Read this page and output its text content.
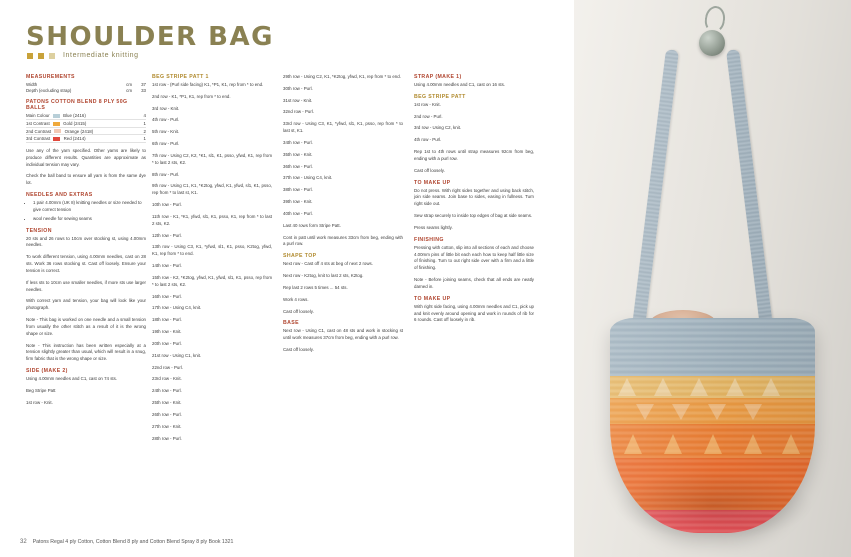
SHOULDER BAG
Intermediate knitting
MEASUREMENTS
Width	cm	37
Depth (excluding strap)	cm	33
PATONS COTTON BLEND 8 PLY 50G BALLS
Main Colour Blue (2416)	4
1st Contrast Gold (2415)	1
2nd Contrast Orange (2418)	2
3rd Contrast Red (2414)	1

Use any of the yarn specified. Other yarns are likely to produce different results. Quantities are approximate as individual tension may vary.

Check the ball band to ensure all yarn is from the same dye lot.

NEEDLES AND EXTRAS
• 1 pair 4.00mm (UK 8) knitting needles or size needed to give correct tension
• wool needle for sewing seams
TENSION

20 sts and 26 rows to 10cm over stocking st, using 4.00mm needles.

To work different tension, using 4.00mm needles, cast on 28 sts. Work 36 rows stocking st. Cast off loosely. Ensure your tension is correct.

If less sts to 10cm use smaller needles, if more sts use larger needles.

With correct yarn and tension, your bag will look like your photograph.

Note - This bag is worked on one needle and a small tension from usually the other stitch as a result of it is the wrong shape or size.

Note - This instruction has been written especially at a tension slightly greater than usual, which will result in a snug, firm fabric that is the wrong shape or size.

SIDE (MAKE 2)

Using 4.00mm needles and C1, cast on 74 sts.

Beg Stripe Patt

1st row - Knit.

BEG STRIPE PATT 1

1st row - (Purl side facing) K1, *P1, K1, rep from * to end.

2nd row - K1, *P1, K1, rep from * to end.

3rd row - Knit.

4th row - Purl.

5th row - Knit.

6th row - Purl.

7th row - Using C2, K2, *K1, sl1, K1, psso, yfwd, K1, rep from * to last 2 sts, K2.

8th row - Purl.

9th row - Using C1, K1, *K2tog, yfwd, K1, yfwd, sl1, K1, psso, rep from * to last st, K1.

10th row - Purl.

11th row - K1, *K1, yfwd, sl1, K1, psso, K1, rep from * to last 2 sts, K2.

12th row - Purl.

13th row - Using C3, K1, *yfwd, sl1, K1, psso, K2tog, yfwd, K1, rep from * to end.

14th row - Purl.

15th row - K2, *K2tog, yfwd, K1, yfwd, sl1, K1, psso, rep from * to last 2 sts, K2.

16th row - Purl.

17th row - Using C4, knit.

18th row - Purl.

19th row - Knit.

20th row - Purl.

21st row - Using C1, knit.

22nd row - Purl.

23rd row - Knit.

24th row - Purl.

25th row - Knit.

26th row - Purl.

27th row - Knit.

28th row - Purl.

29th row - Using C2, K1, *K2tog, yfwd, K1, rep from * to end.

30th row - Purl.

31st row - Knit.

32nd row - Purl.

33rd row - Using C3, K1, *yfwd, sl1, K1, psso, rep from * to last st, K1.

34th row - Purl.

35th row - Knit.

36th row - Purl.

37th row - Using C4, knit.

38th row - Purl.

39th row - Knit.

40th row - Purl.

Last 40 rows form Stripe Patt.

Cont in patt until work measures 33cm from beg, ending with a purl row.

SHAPE TOP

Next row - Cast off 4 sts at beg of next 2 rows.

Next row - K2tog, knit to last 2 sts, K2tog.

Rep last 2 rows 5 times ... 54 sts.

Work 4 rows.

Cast off loosely.

BASE

Next row - Using C1, cast on 48 sts and work in stocking st until work measures 37cm from beg, ending with a purl row.

Cast off loosely.

STRAP (MAKE 1)

Using 4.00mm needles and C1, cast on 16 sts.

BEG STRIPE PATT

1st row - Knit.

2nd row - Purl.

3rd row - Using C2, knit.

4th row - Purl.

Rep 1st to 4th rows until strap measures 92cm from beg, ending with a purl row.

Cast off loosely.

TO MAKE UP

Do not press. With right sides together and using back stitch, join side seams. Join base to sides, easing in fullness. Turn right side out.

Sew strap securely to inside top edges of bag at side seams.

Press seams lightly.

FINISHING

Pressing with cotton, slip into all sections of each and choose 4.00mm pins of little bit each each how to keep half little size of finishing. Turn to out right side over with a firm and a little of finishing.

Note - Before joining seams, check that all ends are neatly darned in.

TO MAKE UP

With right side facing, using 4.00mm needles and C1, pick up and knit evenly around opening and work in rounds of rib for 6 rounds. Cast off loosely in rib.

32 Patons Regal 4 ply Cotton, Cotton Blend 8 ply and Cotton Blend Spray 8 ply Book 1321
